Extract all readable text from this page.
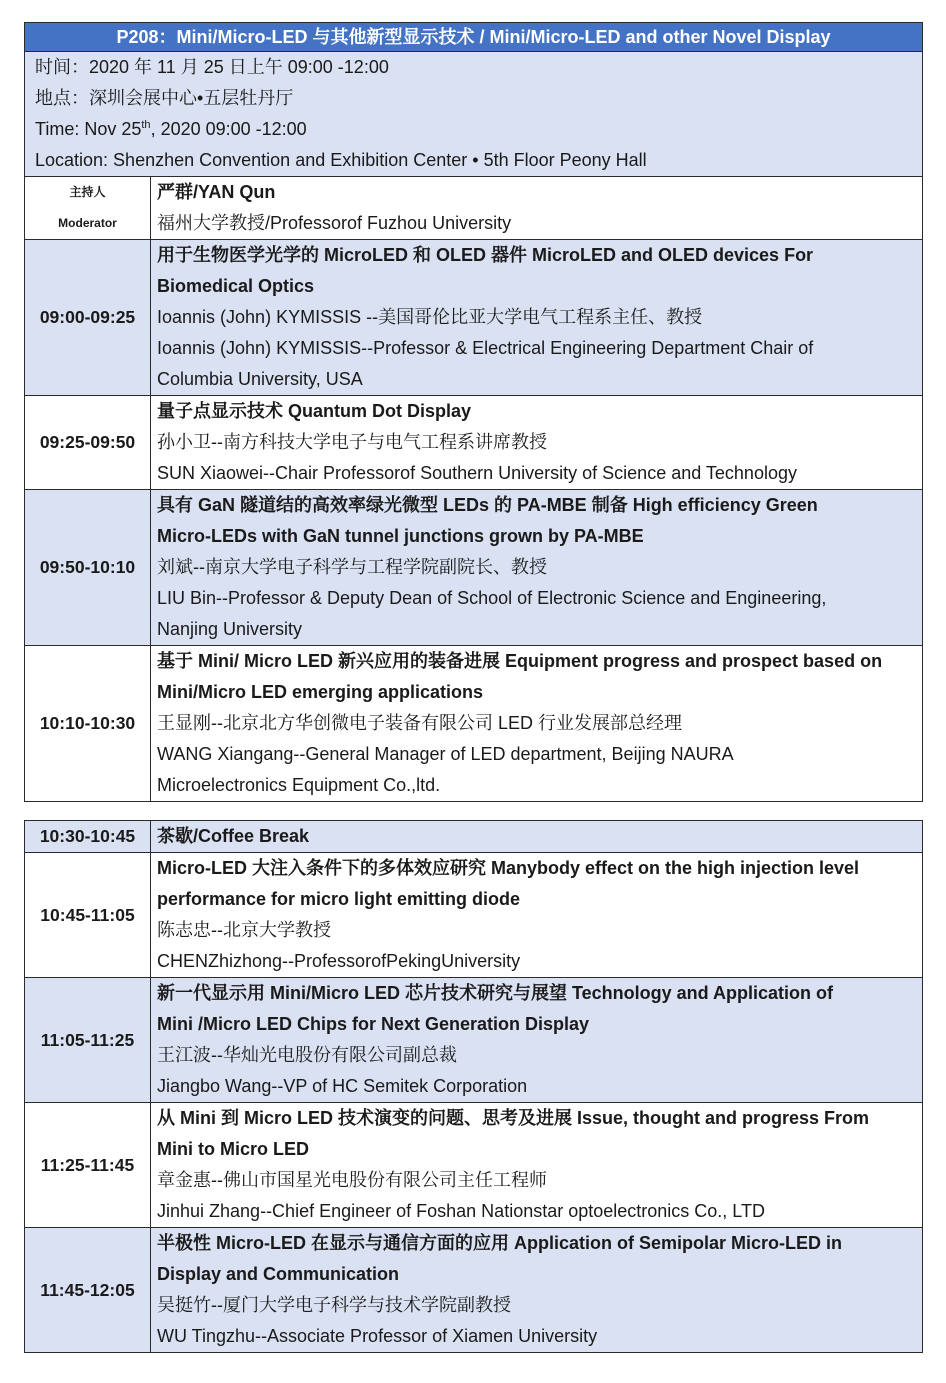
P208：Mini/Micro-LED 与其他新型显示技术 / Mini/Micro-LED and other Novel Display	

时间：2020 年 11 月 25 日上午 09:00 -12:00
地点：深圳会展中心•五层牡丹厅
Time: Nov 25th, 2020 09:00 -12:00
Location: Shenzhen Convention and Exhibition Center • 5th Floor Peony Hall	

主持人
Moderator	严群/YAN Qun
福州大学教授/Professorof Fuzhou University

09:00-09:25	用于生物医学光学的 MicroLED 和 OLED 器件 MicroLED and OLED devices For
Biomedical Optics
Ioannis (John) KYMISSIS --美国哥伦比亚大学电气工程系主任、教授
Ioannis (John) KYMISSIS--Professor & Electrical Engineering Department Chair of
Columbia University, USA

09:25-09:50	量子点显示技术 Quantum Dot Display
孙小卫--南方科技大学电子与电气工程系讲席教授
SUN Xiaowei--Chair Professorof Southern University of Science and Technology

09:50-10:10	具有 GaN 隧道结的高效率绿光微型 LEDs 的 PA-MBE 制备 High efficiency Green
Micro-LEDs with GaN tunnel junctions grown by PA-MBE
刘斌--南京大学电子科学与工程学院副院长、教授
LIU Bin--Professor & Deputy Dean of School of Electronic Science and Engineering,
Nanjing University

10:10-10:30	基于 Mini/ Micro LED 新兴应用的装备进展 Equipment progress and prospect based on
Mini/Micro LED emerging applications
王显刚--北京北方华创微电子装备有限公司 LED 行业发展部总经理
WANG Xiangang--General Manager of LED department, Beijing NAURA
Microelectronics Equipment Co.,ltd.
10:30-10:45	茶歇/Coffee Break
10:45-11:05	Micro-LED 大注入条件下的多体效应研究 Manybody effect on the high injection level
performance for micro light emitting diode
陈志忠--北京大学教授
CHENZhizhong--ProfessorofPekingUniversity

11:05-11:25	新一代显示用 Mini/Micro LED 芯片技术研究与展望 Technology and Application of
Mini /Micro LED Chips for Next Generation Display
王江波--华灿光电股份有限公司副总裁
Jiangbo Wang--VP of HC Semitek Corporation

11:25-11:45	从 Mini 到 Micro LED 技术演变的问题、思考及进展 Issue, thought and progress From
Mini to Micro LED
章金惠--佛山市国星光电股份有限公司主任工程师
Jinhui Zhang--Chief Engineer of Foshan Nationstar optoelectronics Co., LTD

11:45-12:05	半极性 Micro-LED 在显示与通信方面的应用 Application of Semipolar Micro-LED in
Display and Communication
吴挺竹--厦门大学电子科学与技术学院副教授
WU Tingzhu--Associate Professor of Xiamen University
